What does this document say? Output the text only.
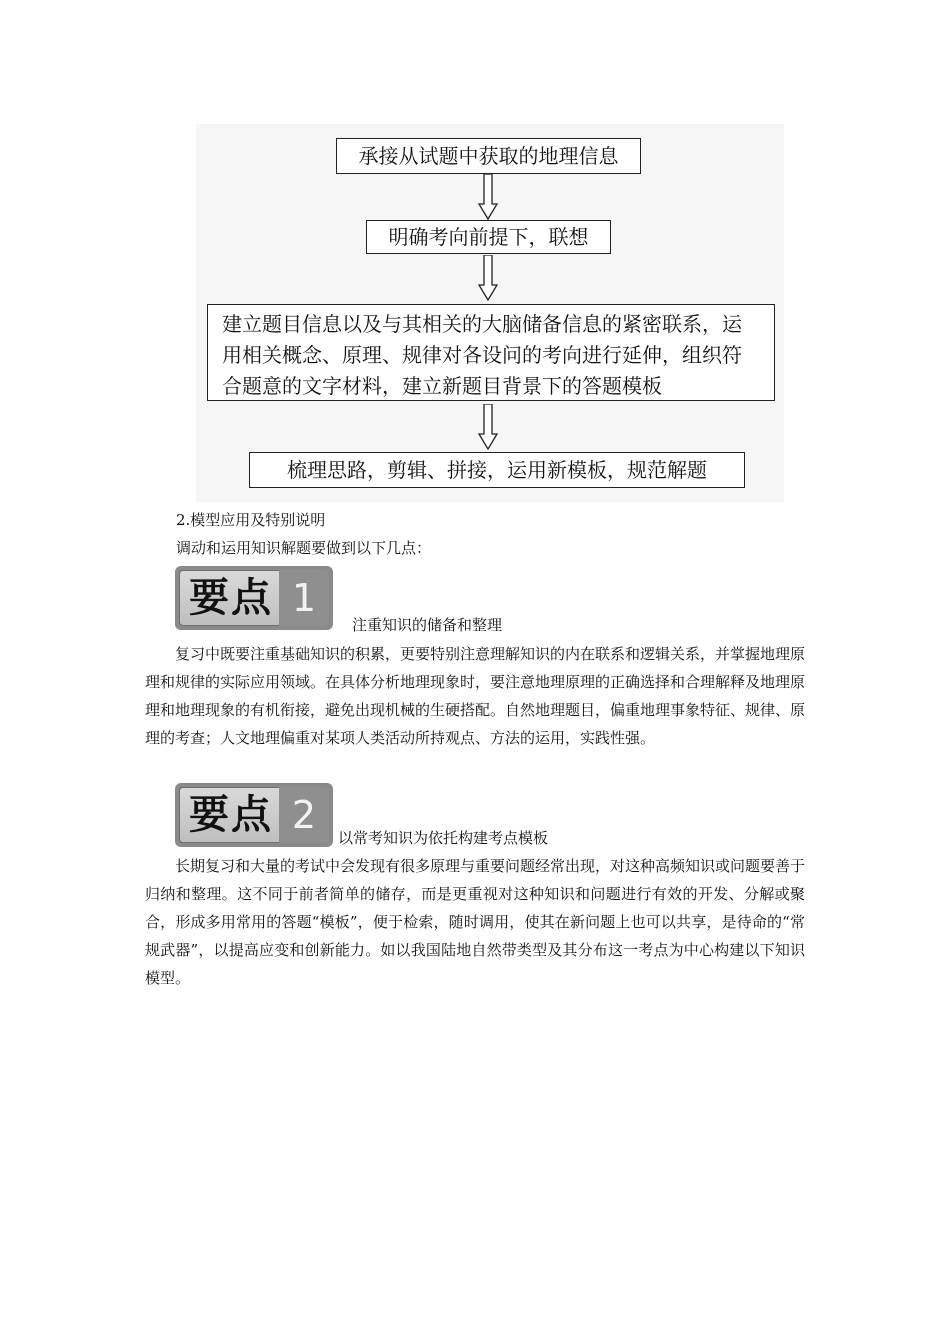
承接从试题中获取的地理信息
明确考向前提下，联想
建立题目信息以及与其相关的大脑储备信息的紧密联系，运用相关概念、原理、规律对各设问的考向进行延伸，组织符合题意的文字材料，建立新题目背景下的答题模板
梳理思路，剪辑、拼接，运用新模板，规范解题
2.模型应用及特别说明
调动和运用知识解题要做到以下几点：
要点 1
注重知识的储备和整理
复习中既要注重基础知识的积累，更要特别注意理解知识的内在联系和逻辑关系，并掌握地理原理和规律的实际应用领域。在具体分析地理现象时，要注意地理原理的正确选择和合理解释及地理原理和地理现象的有机衔接，避免出现机械的生硬搭配。自然地理题目，偏重地理事象特征、规律、原理的考查；人文地理偏重对某项人类活动所持观点、方法的运用，实践性强。
要点 2
以常考知识为依托构建考点模板
长期复习和大量的考试中会发现有很多原理与重要问题经常出现，对这种高频知识或问题要善于归纳和整理。这不同于前者简单的储存，而是更重视对这种知识和问题进行有效的开发、分解或聚合，形成多用常用的答题“模板”，便于检索，随时调用，使其在新问题上也可以共享，是待命的“常规武器”，以提高应变和创新能力。如以我国陆地自然带类型及其分布这一考点为中心构建以下知识模型。
